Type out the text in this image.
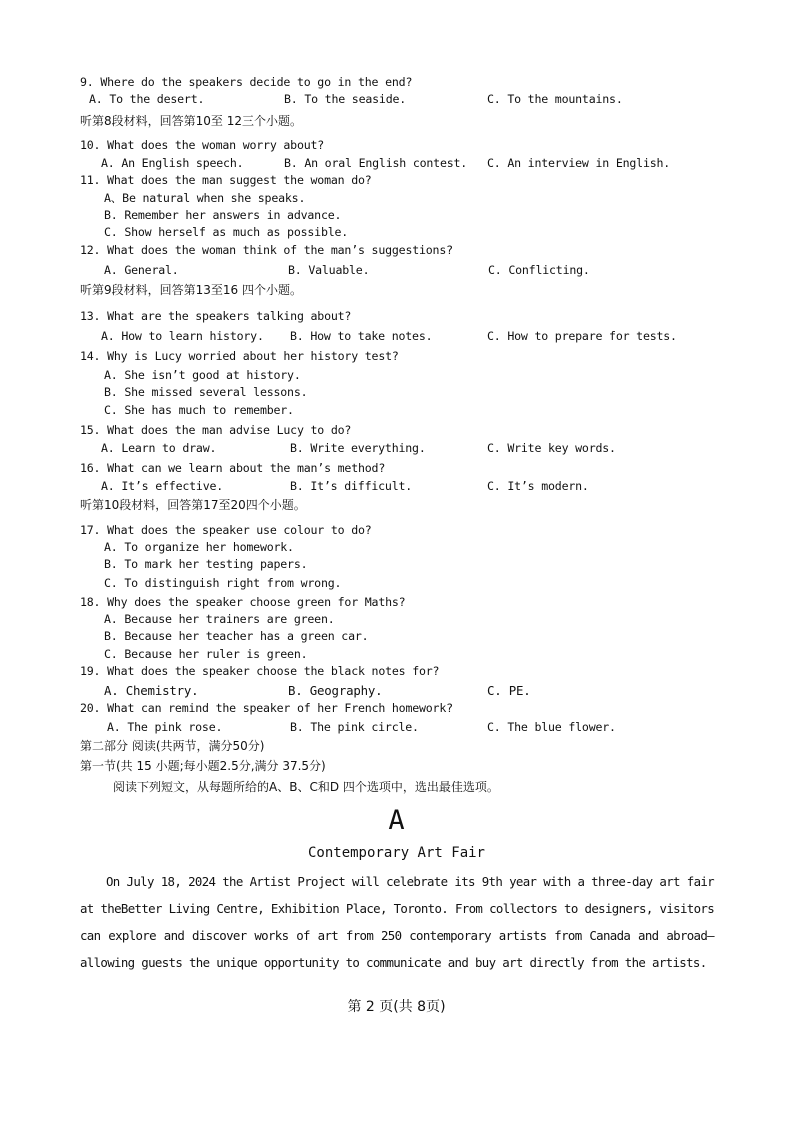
9. Where do the speakers decide to go in the end?
A. To the desert.	B. To the seaside.	C. To the mountains.
听第8段材料，回答第10至 12三个小题。
10. What does the woman worry about?
A. An English speech.	B. An oral English contest. C. An interview in English.
11. What does the man suggest the woman do?
A、Be natural when she speaks.
B. Remember her answers in advance.
C. Show herself as much as possible.
12. What does the woman think of the man’s suggestions?
A. General.	B. Valuable.	C. Conflicting.
听第9段材料，回答第13至16 四个小题。
13. What are the speakers talking about?
A. How to learn history. B. How to take notes.	C. How to prepare for tests.
14. Why is Lucy worried about her history test?
A. She isn’t good at history.
B. She missed several lessons.
C. She has much to remember.
15. What does the man advise Lucy to do?
A. Learn to draw.	B. Write everything.	C. Write key words.
16. What can we learn about the man’s method?
A. It’s effective.	B. It’s difficult.	C. It’s modern.
听第10段材料，回答第17至20四个小题。
17. What does the speaker use colour to do?
A. To organize her homework.
B. To mark her testing papers.
C. To distinguish right from wrong.
18. Why does the speaker choose green for Maths?
A. Because her trainers are green.
B. Because her teacher has a green car.
C. Because her ruler is green.
19. What does the speaker choose the black notes for?
A. Chemistry.	B. Geography.	C. PE.
20. What can remind the speaker of her French homework?
A. The pink rose.	B. The pink circle.	C. The blue flower.
第二部分 阅读(共两节，满分50分)
第一节(共 15 小题;每小题2.5分,满分 37.5分)
阅读下列短文，从每题所给的A、B、C和D 四个选项中，选出最佳选项。
A
Contemporary Art Fair
On July 18, 2024 the Artist Project will celebrate its 9th year with a three-day art fair at theBetter Living Centre, Exhibition Place, Toronto. From collectors to designers, visitors can explore and discover works of art from 250 contemporary artists from Canada and abroad—allowing guests the unique opportunity to communicate and buy art directly from the artists.
第 2 页(共 8页)
